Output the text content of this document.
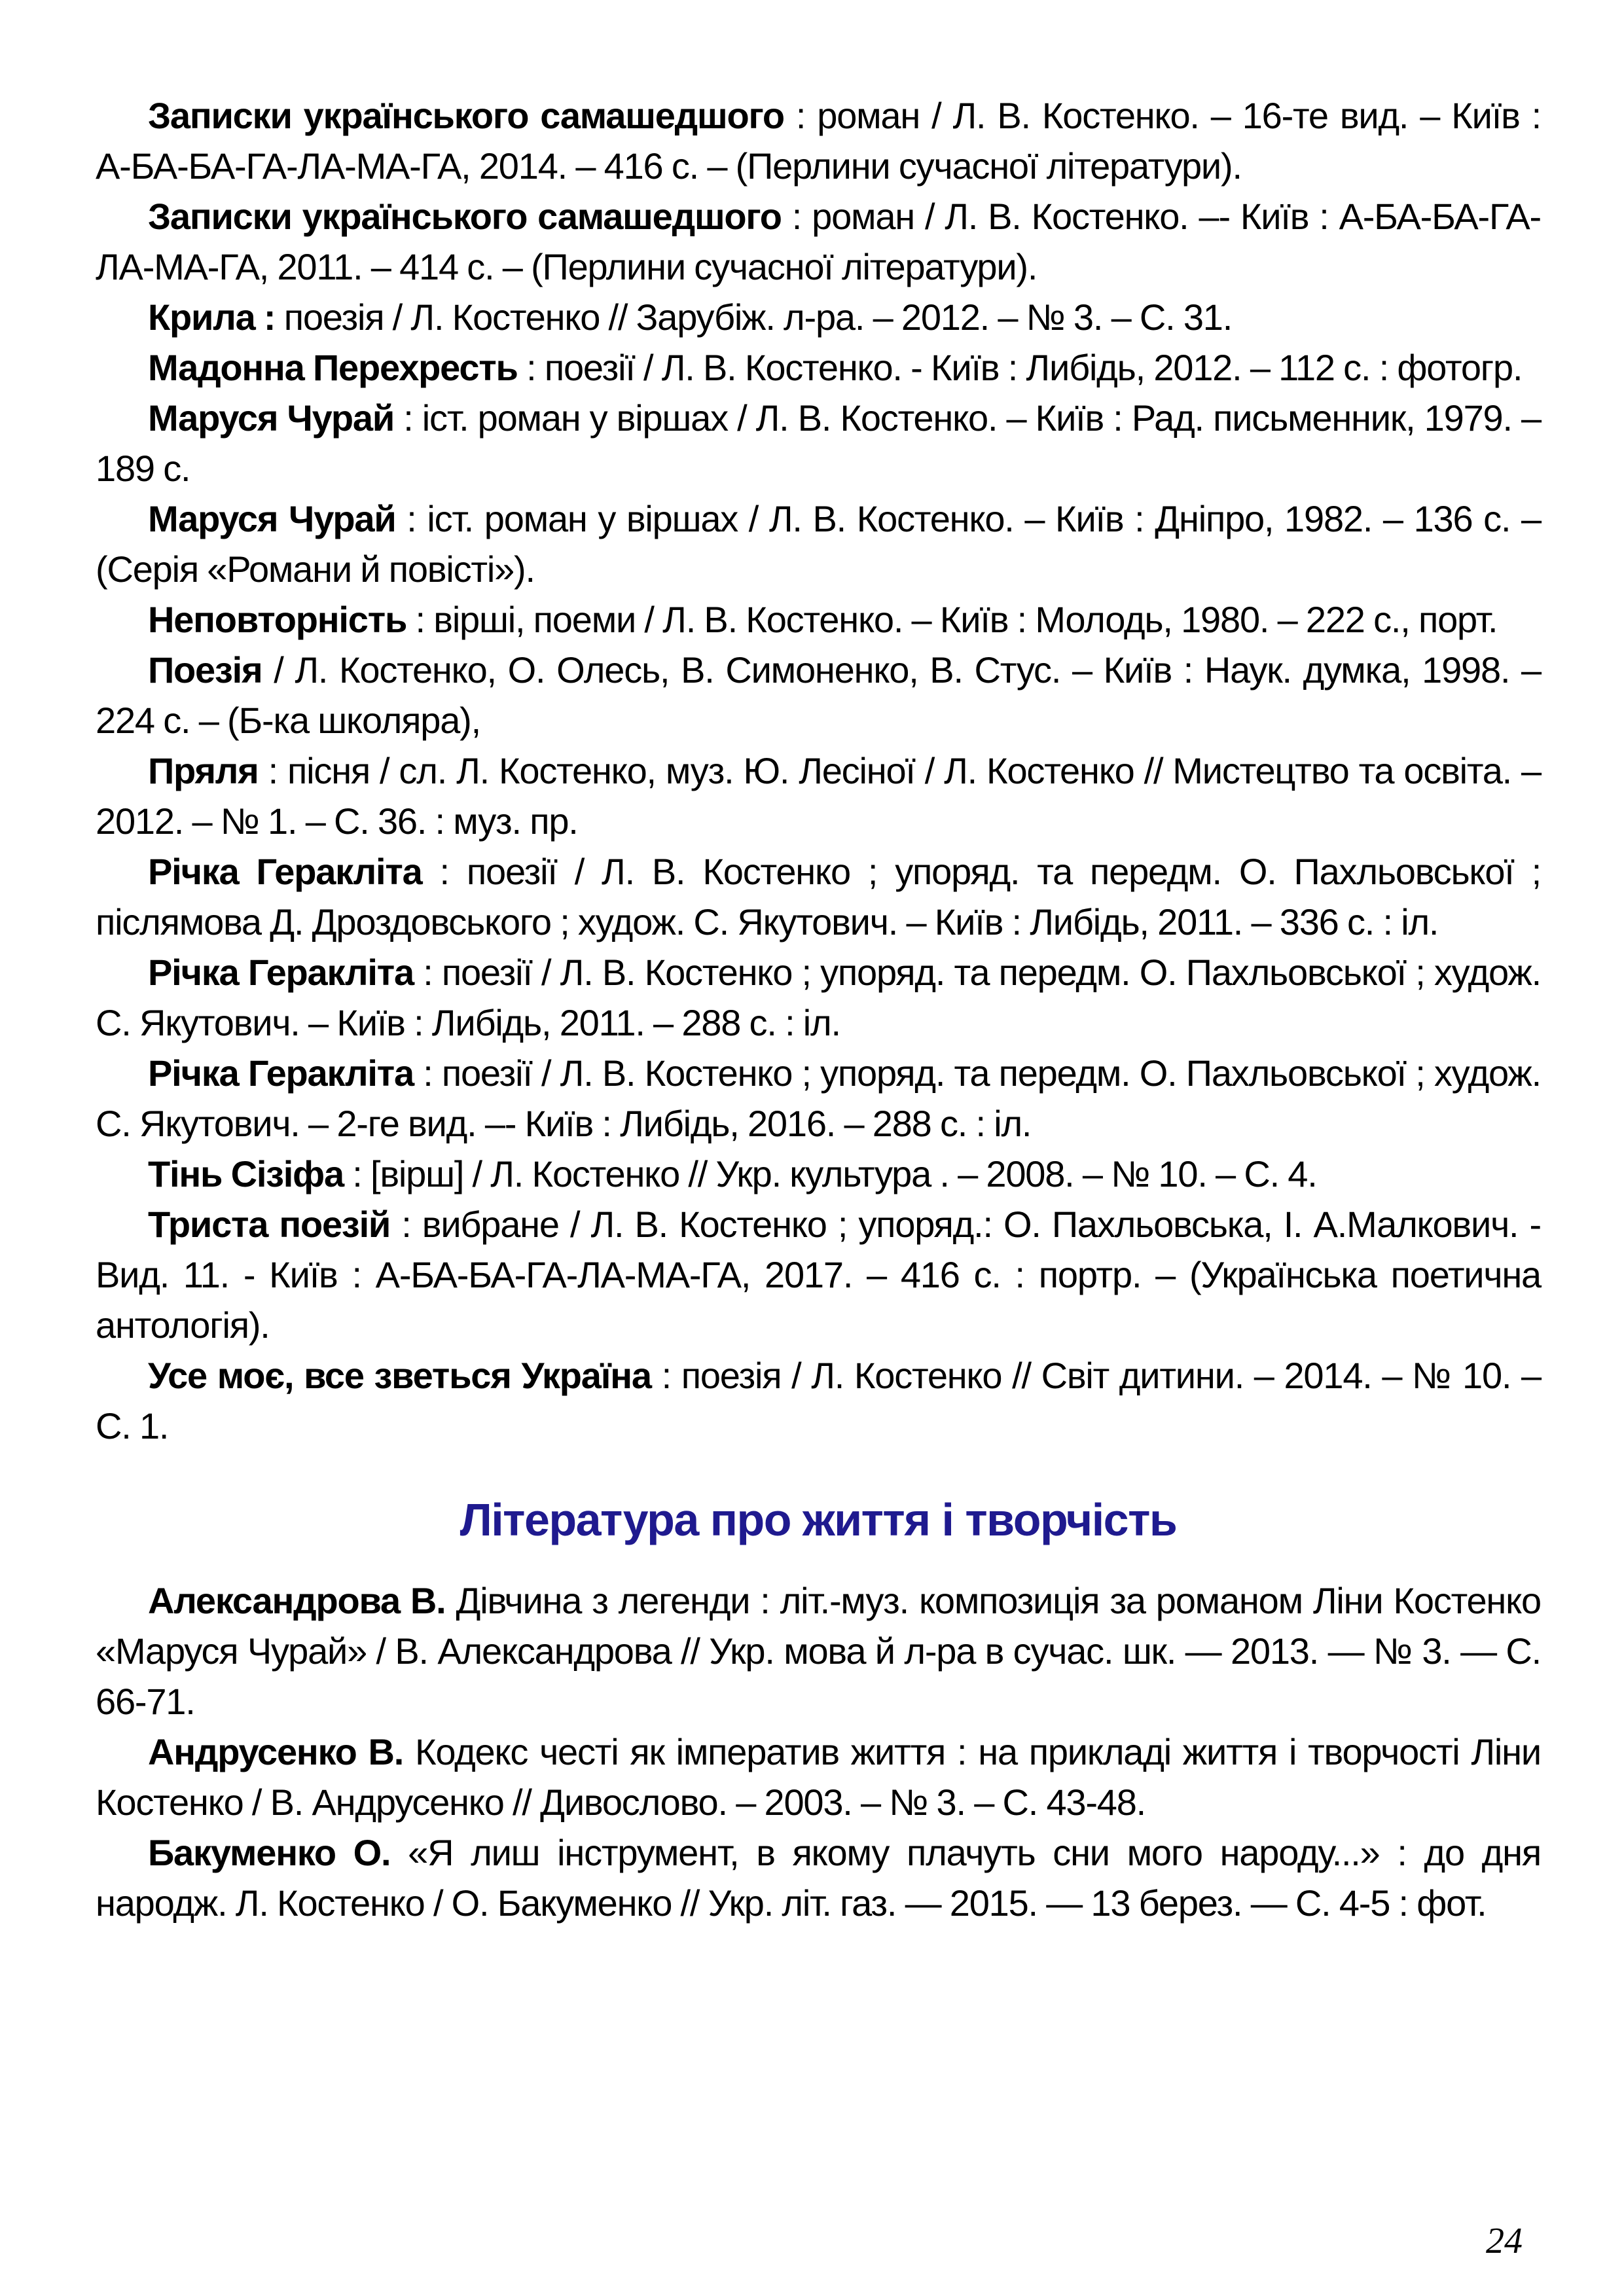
Записки українського самашедшого : роман / Л. В. Костенко. – 16-те вид. – Київ : А-БА-БА-ГА-ЛА-МА-ГА, 2014. – 416 с. – (Перлини сучасної літератури).

Записки українського самашедшого : роман / Л. В. Костенко. –- Київ : А-БА-БА-ГА-ЛА-МА-ГА, 2011. – 414 с. – (Перлини сучасної літератури).

Крила : поезія / Л. Костенко // Зарубіж. л-ра. – 2012. – № 3. – С. 31.

Мадонна Перехресть : поезії / Л. В. Костенко. - Київ : Либідь, 2012. – 112 с. : фотогр.

Маруся Чурай : іст. роман у віршах / Л. В. Костенко. – Київ : Рад. письменник, 1979. – 189 с.

Маруся Чурай : іст. роман у віршах / Л. В. Костенко. – Київ : Дніпро, 1982. – 136 с. – (Серія «Романи й повісті»).

Неповторність : вірші, поеми / Л. В. Костенко. – Київ : Молодь, 1980. – 222 с., порт.

Поезія / Л. Костенко, О. Олесь, В. Симоненко, В. Стус. – Київ : Наук. думка, 1998. – 224 с. – (Б-ка школяра),

Пряля : пісня / сл. Л. Костенко, муз. Ю. Лесіної / Л. Костенко // Мистецтво та освіта. – 2012. – № 1. – С. 36. : муз. пр.

Річка Геракліта : поезії / Л. В. Костенко ; упоряд. та передм. О. Пахльовської ; післямова Д. Дроздовського ; худож. С. Якутович. – Київ : Либідь, 2011. – 336 с. : іл.

Річка Геракліта : поезії / Л. В. Костенко ; упоряд. та передм. О. Пахльовської ; худож. С. Якутович. – Київ : Либідь, 2011. – 288 с. : іл.

Річка Геракліта : поезії / Л. В. Костенко ; упоряд. та передм. О. Пахльовської ; худож. С. Якутович. – 2-ге вид. –- Київ : Либідь, 2016. – 288 с. : іл.

Тінь Сізіфа : [вірш] / Л. Костенко // Укр. культура . – 2008. – № 10. – С. 4.

Триста поезій : вибране / Л. В. Костенко ; упоряд.: О. Пахльовська, І. А.Малкович. - Вид. 11. - Київ : А-БА-БА-ГА-ЛА-МА-ГА, 2017. – 416 с. : портр. – (Українська поетична антологія).

Усе моє, все зветься Україна : поезія / Л. Костенко // Світ дитини. – 2014. – № 10. – С. 1.

Література про життя і творчість

Александрова В. Дівчина з легенди : літ.-муз. композиція за романом Ліни Костенко «Маруся Чурай» / В. Александрова // Укр. мова й л-ра в сучас. шк. — 2013. — № 3. — С. 66-71.

Андрусенко В. Кодекс честі як імператив життя : на прикладі життя і творчості Ліни Костенко / В. Андрусенко // Дивослово. – 2003. – № 3. – С. 43-48.

Бакуменко О. «Я лиш інструмент, в якому плачуть сни мого народу...» : до дня народж. Л. Костенко / О. Бакуменко // Укр. літ. газ. — 2015. — 13 берез. — С. 4-5 : фот.

24
